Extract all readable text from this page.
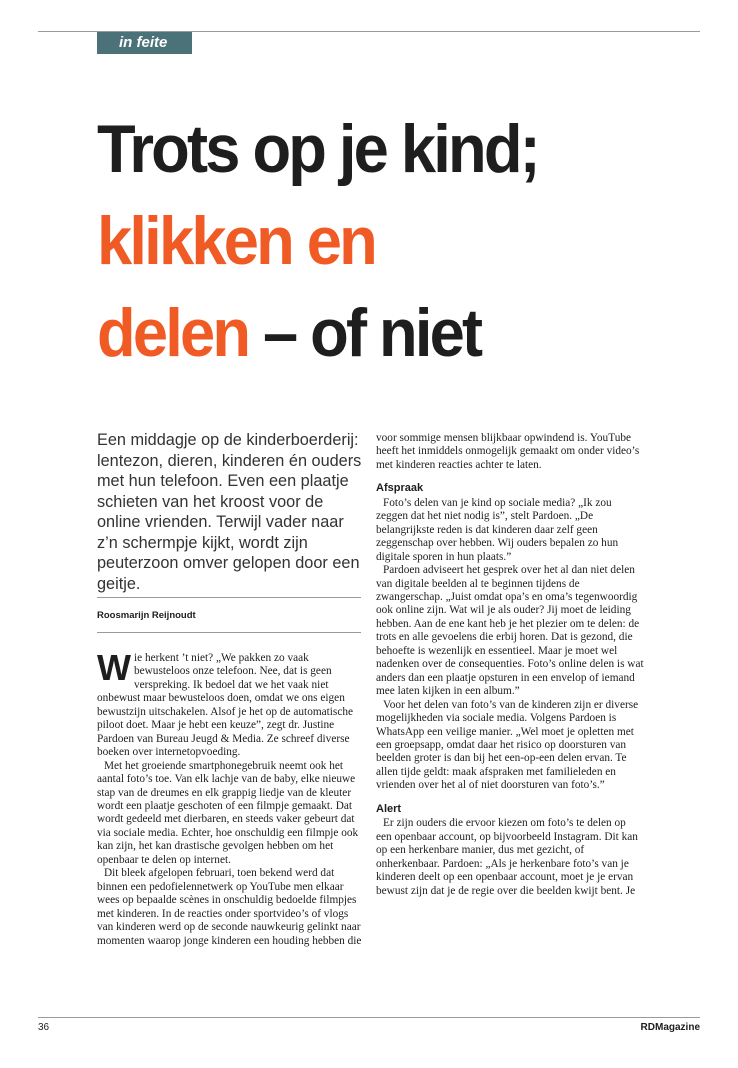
in feite
Trots op je kind;
klikken en
delen – of niet

Een middagje op de kinderboerderij: lentezon, dieren, kinderen én ouders met hun telefoon. Even een plaatje schieten van het kroost voor de online vrienden. Terwijl vader naar z’n schermpje kijkt, wordt zijn peuterzoon omver gelopen door een geitje.

Roosmarijn Reijnoudt
W ie herkent ’t niet? „We pakken zo vaak bewusteloos onze telefoon. Nee, dat is geen verspreking. Ik bedoel dat we het vaak niet onbewust maar bewusteloos doen, omdat we ons eigen bewustzijn uitschakelen. Alsof je het op de automatische piloot doet. Maar je hebt een keuze”, zegt dr. Justine Pardoen van Bureau Jeugd & Media. Ze schreef diverse boeken over internetopvoeding.

Met het groeiende smartphonegebruik neemt ook het aantal foto’s toe. Van elk lachje van de baby, elke nieuwe stap van de dreumes en elk grappig liedje van de kleuter wordt een plaatje geschoten of een filmpje gemaakt. Dat wordt gedeeld met dierbaren, en steeds vaker gebeurt dat via sociale media. Echter, hoe onschuldig een filmpje ook kan zijn, het kan drastische gevolgen hebben om het openbaar te delen op internet.

Dit bleek afgelopen februari, toen bekend werd dat binnen een pedofielennetwerk op YouTube men elkaar wees op bepaalde scènes in onschuldig bedoelde filmpjes met kinderen. In de reacties onder sportvideo’s of vlogs van kinderen werd op de seconde nauwkeurig gelinkt naar momenten waarop jonge kinderen een houding hebben die

voor sommige mensen blijkbaar opwindend is. YouTube heeft het inmiddels onmogelijk gemaakt om onder video’s met kinderen reacties achter te laten.

Afspraak

Foto’s delen van je kind op sociale media? „Ik zou zeggen dat het niet nodig is”, stelt Pardoen. „De belangrijkste reden is dat kinderen daar zelf geen zeggenschap over hebben. Wij ouders bepalen zo hun digitale sporen in hun plaats.”

Pardoen adviseert het gesprek over het al dan niet delen van digitale beelden al te beginnen tijdens de zwangerschap. „Juist omdat opa’s en oma’s tegenwoordig ook online zijn. Wat wil je als ouder? Jij moet de leiding hebben. Aan de ene kant heb je het plezier om te delen: de trots en alle gevoelens die erbij horen. Dat is gezond, die behoefte is wezenlijk en essentieel. Maar je moet wel nadenken over de consequenties. Foto’s online delen is wat anders dan een plaatje opsturen in een envelop of iemand mee laten kijken in een album.”

Voor het delen van foto’s van de kinderen zijn er diverse mogelijkheden via sociale media. Volgens Pardoen is WhatsApp een veilige manier. „Wel moet je opletten met een groepsapp, omdat daar het risico op doorsturen van beelden groter is dan bij het een-op-een delen ervan. Te allen tijde geldt: maak afspraken met familieleden en vrienden over het al of niet doorsturen van foto’s.”

Alert

Er zijn ouders die ervoor kiezen om foto’s te delen op een openbaar account, op bijvoorbeeld Instagram. Dit kan op een herkenbare manier, dus met gezicht, of onherkenbaar. Pardoen: „Als je herkenbare foto’s van je kinderen deelt op een openbaar account, moet je je ervan bewust zijn dat je de regie over die beelden kwijt bent. Je

36	RDMagazine
